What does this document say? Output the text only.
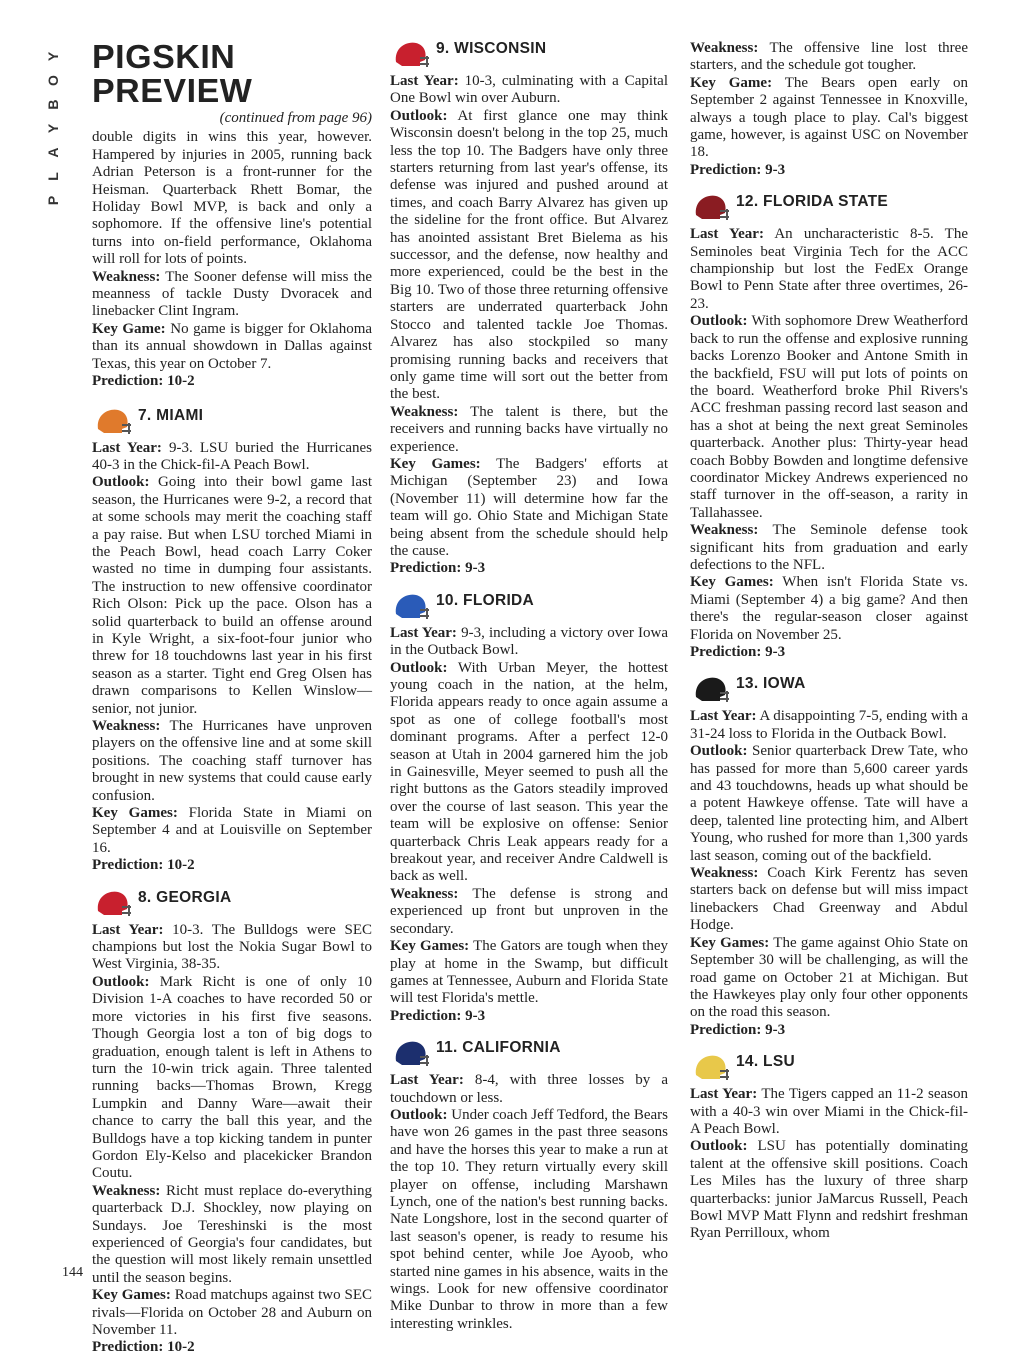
Y
O
B
Y
A
L
P
144
PIGSKIN PREVIEW
(continued from page 96)

double digits in wins this year, however. Hampered by injuries in 2005, running back Adrian Peterson is a front-runner for the Heisman. Quarterback Rhett Bomar, the Holiday Bowl MVP, is back and only a sophomore. If the offensive line's potential turns into on-field performance, Oklahoma will roll for lots of points.

Weakness: The Sooner defense will miss the meanness of tackle Dusty Dvoracek and linebacker Clint Ingram.

Key Game: No game is bigger for Oklahoma than its annual showdown in Dallas against Texas, this year on October 7.

Prediction: 10-2

7. MIAMI

Last Year: 9-3. LSU buried the Hurricanes 40-3 in the Chick-fil-A Peach Bowl.

Outlook: Going into their bowl game last season, the Hurricanes were 9-2, a record that at some schools may merit the coaching staff a pay raise. But when LSU torched Miami in the Peach Bowl, head coach Larry Coker wasted no time in dumping four assistants. The instruction to new offensive coordinator Rich Olson: Pick up the pace. Olson has a solid quarterback to build an offense around in Kyle Wright, a six-foot-four junior who threw for 18 touchdowns last year in his first season as a starter. Tight end Greg Olsen has drawn comparisons to Kellen Winslow—senior, not junior.

Weakness: The Hurricanes have unproven players on the offensive line and at some skill positions. The coaching staff turnover has brought in new systems that could cause early confusion.

Key Games: Florida State in Miami on September 4 and at Louisville on September 16.

Prediction: 10-2

8. GEORGIA

Last Year: 10-3. The Bulldogs were SEC champions but lost the Nokia Sugar Bowl to West Virginia, 38-35.

Outlook: Mark Richt is one of only 10 Division 1-A coaches to have recorded 50 or more victories in his first five seasons. Though Georgia lost a ton of big dogs to graduation, enough talent is left in Athens to turn the 10-win trick again. Three talented running backs—Thomas Brown, Kregg Lumpkin and Danny Ware—await their chance to carry the ball this year, and the Bulldogs have a top kicking tandem in punter Gordon Ely-Kelso and placekicker Brandon Coutu.

Weakness: Richt must replace do-everything quarterback D.J. Shockley, now playing on Sundays. Joe Tereshinski is the most experienced of Georgia's four candidates, but the question will most likely remain unsettled until the season begins.

Key Games: Road matchups against two SEC rivals—Florida on October 28 and Auburn on November 11.

Prediction: 10-2

9. WISCONSIN

Last Year: 10-3, culminating with a Capital One Bowl win over Auburn.

Outlook: At first glance one may think Wisconsin doesn't belong in the top 25, much less the top 10. The Badgers have only three starters returning from last year's offense, its defense was injured and pushed around at times, and coach Barry Alvarez has given up the sideline for the front office. But Alvarez has anointed assistant Bret Bielema as his successor, and the defense, now healthy and more experienced, could be the best in the Big 10. Two of those three returning offensive starters are underrated quarterback John Stocco and talented tackle Joe Thomas. Alvarez has also stockpiled so many promising running backs and receivers that only game time will sort out the better from the best.

Weakness: The talent is there, but the receivers and running backs have virtually no experience.

Key Games: The Badgers' efforts at Michigan (September 23) and Iowa (November 11) will determine how far the team will go. Ohio State and Michigan State being absent from the schedule should help the cause.

Prediction: 9-3

10. FLORIDA

Last Year: 9-3, including a victory over Iowa in the Outback Bowl.

Outlook: With Urban Meyer, the hottest young coach in the nation, at the helm, Florida appears ready to once again assume a spot as one of college football's most dominant programs. After a perfect 12-0 season at Utah in 2004 garnered him the job in Gainesville, Meyer seemed to push all the right buttons as the Gators steadily improved over the course of last season. This year the team will be explosive on offense: Senior quarterback Chris Leak appears ready for a breakout year, and receiver Andre Caldwell is back as well.

Weakness: The defense is strong and experienced up front but unproven in the secondary.

Key Games: The Gators are tough when they play at home in the Swamp, but difficult games at Tennessee, Auburn and Florida State will test Florida's mettle.

Prediction: 9-3

11. CALIFORNIA

Last Year: 8-4, with three losses by a touchdown or less.

Outlook: Under coach Jeff Tedford, the Bears have won 26 games in the past three seasons and have the horses this year to make a run at the top 10. They return virtually every skill player on offense, including Marshawn Lynch, one of the nation's best running backs. Nate Longshore, lost in the second quarter of last season's opener, is ready to resume his spot behind center, while Joe Ayoob, who started nine games in his absence, waits in the wings. Look for new offensive coordinator Mike Dunbar to throw in more than a few interesting wrinkles.

Weakness: The offensive line lost three starters, and the schedule got tougher.

Key Game: The Bears open early on September 2 against Tennessee in Knoxville, always a tough place to play. Cal's biggest game, however, is against USC on November 18.

Prediction: 9-3

12. FLORIDA STATE

Last Year: An uncharacteristic 8-5. The Seminoles beat Virginia Tech for the ACC championship but lost the FedEx Orange Bowl to Penn State after three overtimes, 26-23.

Outlook: With sophomore Drew Weatherford back to run the offense and explosive running backs Lorenzo Booker and Antone Smith in the backfield, FSU will put lots of points on the board. Weatherford broke Phil Rivers's ACC freshman passing record last season and has a shot at being the next great Seminoles quarterback. Another plus: Thirty-year head coach Bobby Bowden and longtime defensive coordinator Mickey Andrews experienced no staff turnover in the off-season, a rarity in Tallahassee.

Weakness: The Seminole defense took significant hits from graduation and early defections to the NFL.

Key Games: When isn't Florida State vs. Miami (September 4) a big game? And then there's the regular-season closer against Florida on November 25.

Prediction: 9-3

13. IOWA

Last Year: A disappointing 7-5, ending with a 31-24 loss to Florida in the Outback Bowl.

Outlook: Senior quarterback Drew Tate, who has passed for more than 5,600 career yards and 43 touchdowns, heads up what should be a potent Hawkeye offense. Tate will have a deep, talented line protecting him, and Albert Young, who rushed for more than 1,300 yards last season, coming out of the backfield.

Weakness: Coach Kirk Ferentz has seven starters back on defense but will miss impact linebackers Chad Greenway and Abdul Hodge.

Key Games: The game against Ohio State on September 30 will be challenging, as will the road game on October 21 at Michigan. But the Hawkeyes play only four other opponents on the road this season.

Prediction: 9-3

14. LSU

Last Year: The Tigers capped an 11-2 season with a 40-3 win over Miami in the Chick-fil-A Peach Bowl.

Outlook: LSU has potentially dominating talent at the offensive skill positions. Coach Les Miles has the luxury of three sharp quarterbacks: junior JaMarcus Russell, Peach Bowl MVP Matt Flynn and redshirt freshman Ryan Perrilloux, whom
